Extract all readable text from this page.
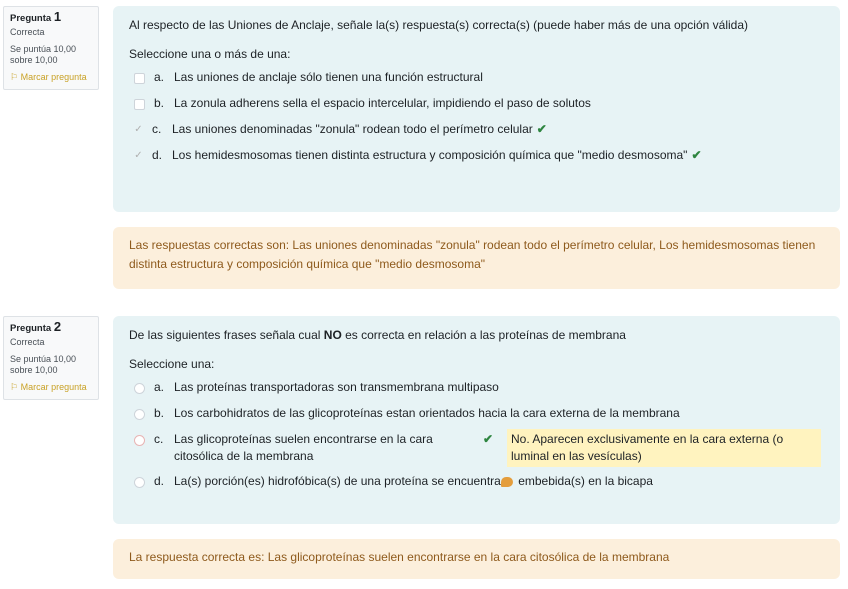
Pregunta 1
Correcta
Se puntúa 10,00 sobre 10,00
⚐ Marcar pregunta
Al respecto de las Uniones de Anclaje, señale la(s) respuesta(s) correcta(s) (puede haber más de una opción válida)
Seleccione una o más de una:
a. Las uniones de anclaje sólo tienen una función estructural
b. La zonula adherens sella el espacio intercelular, impidiendo el paso de solutos
✓ c. Las uniones denominadas "zonula" rodean todo el perímetro celular ✔
✓ d. Los hemidesmosomas tienen distinta estructura y composición química que "medio desmosoma" ✔
Las respuestas correctas son: Las uniones denominadas "zonula" rodean todo el perímetro celular, Los hemidesmosomas tienen distinta estructura y composición química que "medio desmosoma"
Pregunta 2
Correcta
Se puntúa 10,00 sobre 10,00
⚐ Marcar pregunta
De las siguientes frases señala cual NO es correcta en relación a las proteínas de membrana
Seleccione una:
a. Las proteínas transportadoras son transmembrana multipaso
b. Los carbohidratos de las glicoproteínas estan orientados hacia la cara externa de la membrana
c. Las glicoproteínas suelen encontrarse en la cara citosólica de la membrana
✔	No. Aparecen exclusivamente en la cara externa (o luminal en las vesículas)
d. La(s) porción(es) hidrofóbica(s) de una proteína se encuentra embebida(s) en la bicapa
La respuesta correcta es: Las glicoproteínas suelen encontrarse en la cara citosólica de la membrana
